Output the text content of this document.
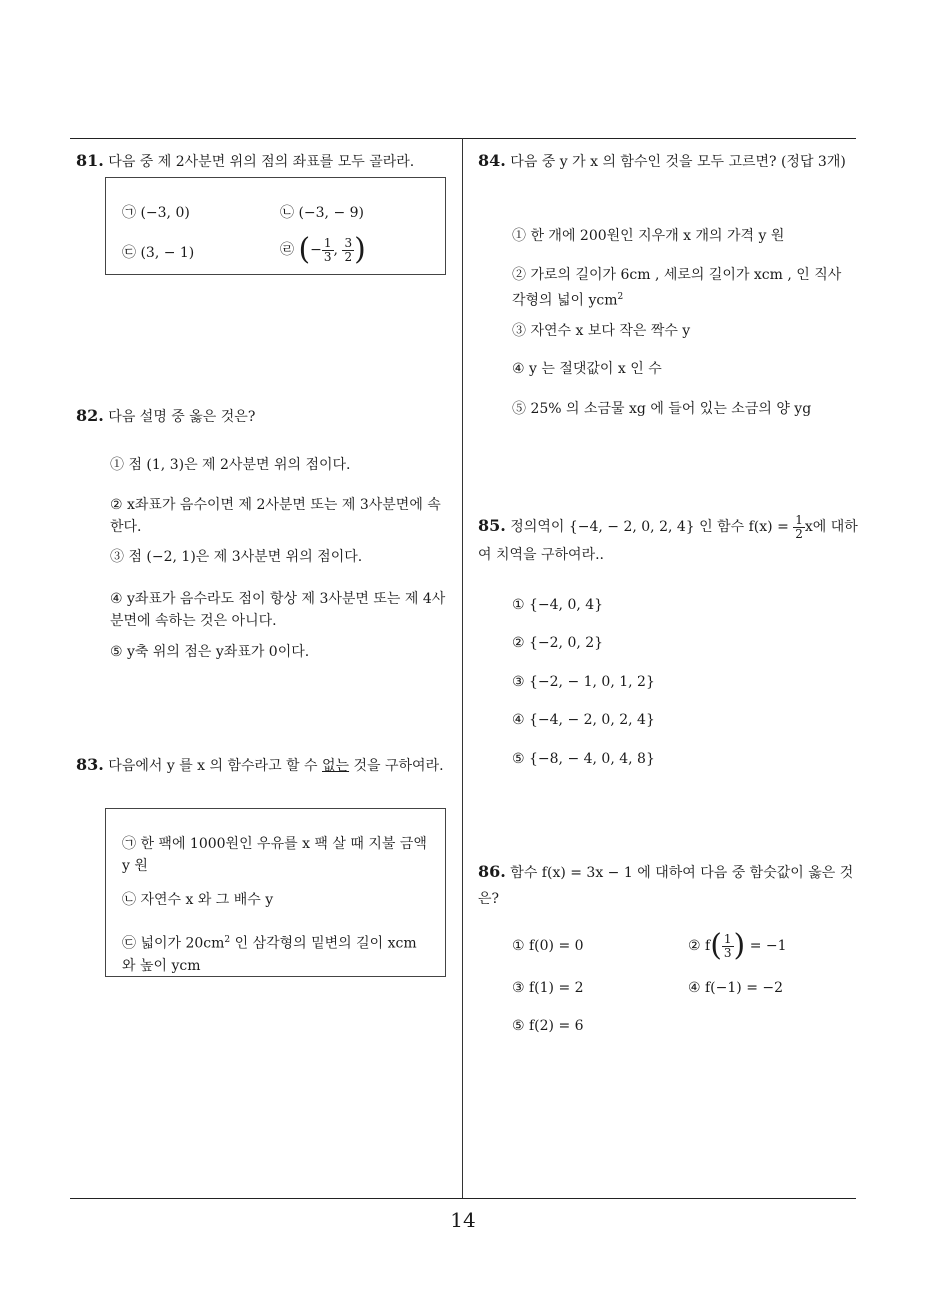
14
81. 다음 중 제 2사분면 위의 점의 좌표를 모두 골라라.
㉠ (−3, 0)	㉡ (−3, − 9)
㉢ (3, − 1)	㉣ (− $\frac{1}{3}$ , $\frac{3}{2}$ )
82. 다음 설명 중 옳은 것은?
① 점 (1, 3)은 제 2사분면 위의 점이다.
② x좌표가 음수이면 제 2사분면 또는 제 3사분면에 속한다.
③ 점 (−2, 1)은 제 3사분면 위의 점이다.
④ y좌표가 음수라도 점이 항상 제 3사분면 또는 제 4사분면에 속하는 것은 아니다.
⑤ y축 위의 점은 y좌표가 0이다.
83. 다음에서 y 를 x 의 함수라고 할 수 없는 것을 구하여라.
㉠ 한 팩에 1000원인 우유를 x 팩 살 때 지불 금액 y 원
㉡ 자연수 x 와 그 배수 y
㉢ 넓이가 $20cm^2$ 인 삼각형의 밑변의 길이 xcm 와 높이 ycm
84. 다음 중 y 가 x 의 함수인 것을 모두 고르면? (정답 3개)
① 한 개에 200원인 지우개 x 개의 가격 y 원
② 가로의 길이가 6cm , 세로의 길이가 xcm , 인 직사각형의 넓이 ycm$^2$
③ 자연수 x 보다 작은 짝수 y
④ y 는 절댓값이 x 인 수
⑤ 25% 의 소금물 xg 에 들어 있는 소금의 양 yg
85. 정의역이 {−4, − 2, 0, 2, 4} 인 함수 $f(x) = \frac{1}{2}$ x에 대하여 치역을 구하여라..
① {−4, 0, 4}
② {−2, 0, 2}
③ {−2, − 1, 0, 1, 2}
④ {−4, − 2, 0, 2, 4}
⑤ {−8, − 4, 0, 4, 8}
86. 함수 f(x) = 3x − 1 에 대하여 다음 중 함숫값이 옳은 것은?
① f(0) = 0	② $f( \frac{1}{3}$ ) = −1
③ f(1) = 2	④ f(−1) = −2
⑤ f(2) = 6
